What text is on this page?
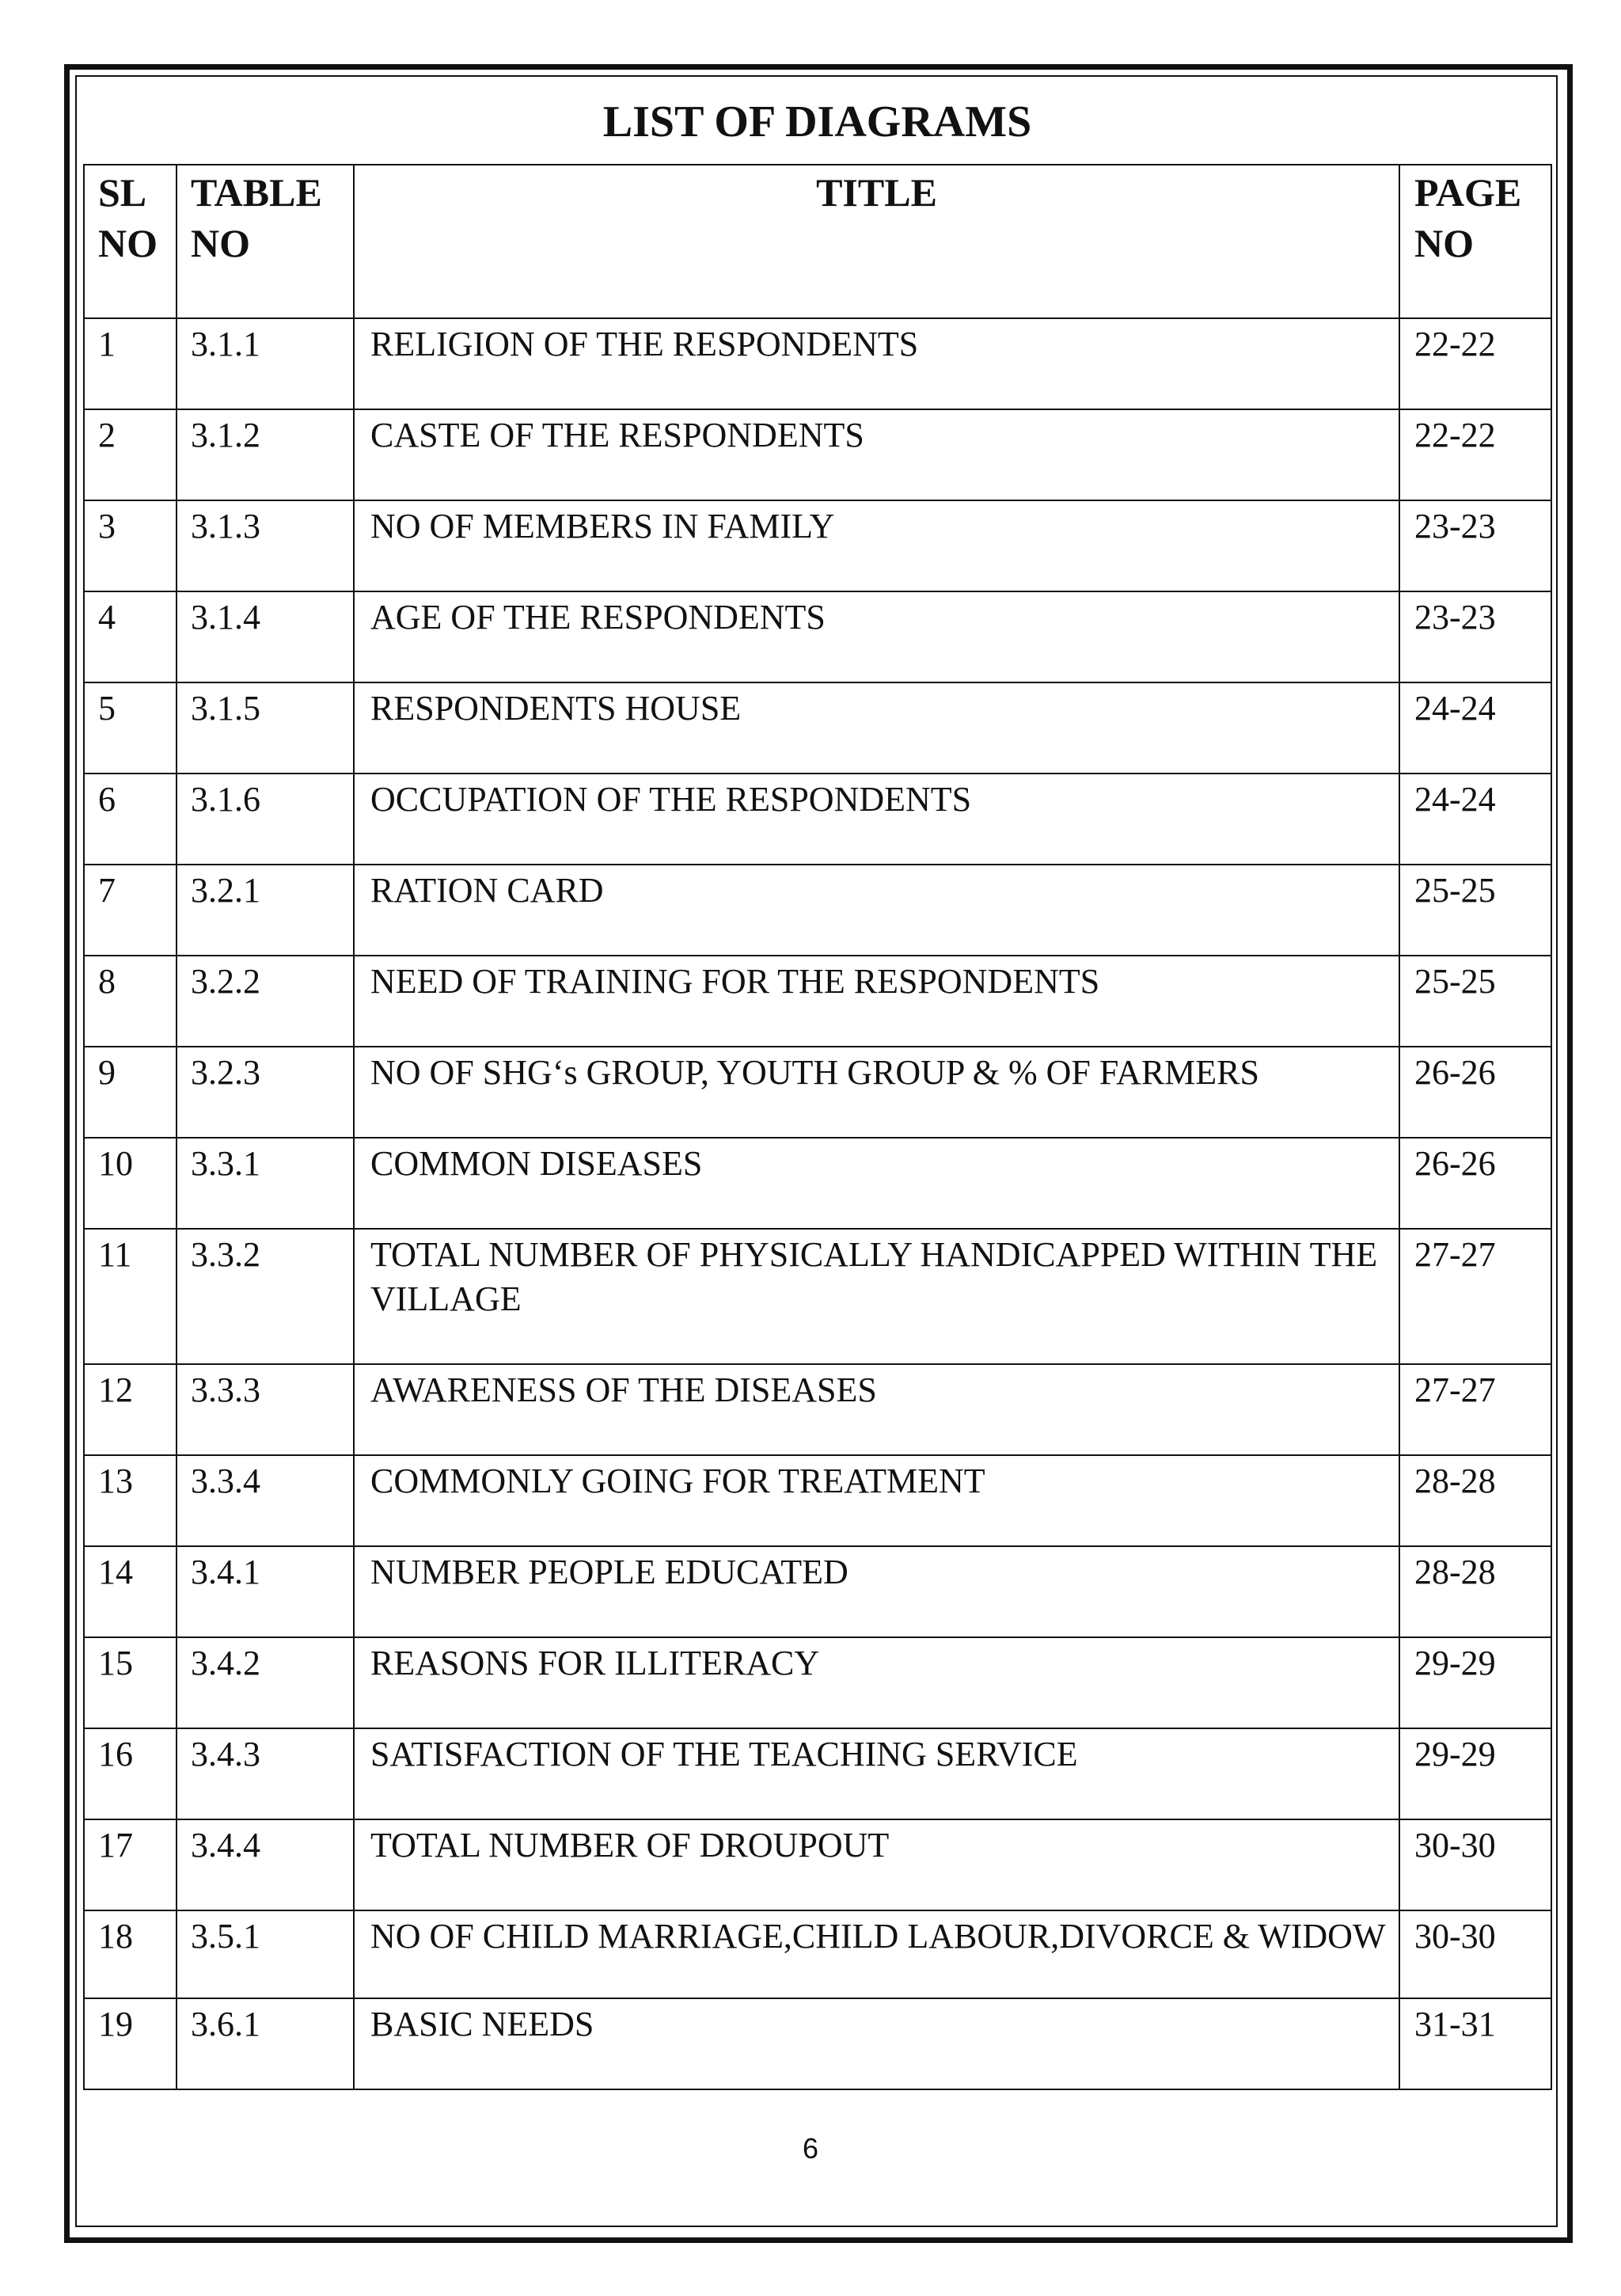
LIST OF DIAGRAMS
SL NO	TABLE NO	TITLE	PAGE NO
1	3.1.1	RELIGION OF THE RESPONDENTS	22-22
2	3.1.2	CASTE OF THE RESPONDENTS	22-22
3	3.1.3	NO OF MEMBERS IN FAMILY	23-23
4	3.1.4	AGE OF THE RESPONDENTS	23-23
5	3.1.5	RESPONDENTS HOUSE	24-24
6	3.1.6	OCCUPATION OF THE RESPONDENTS	24-24
7	3.2.1	RATION CARD	25-25
8	3.2.2	NEED OF TRAINING FOR THE RESPONDENTS	25-25
9	3.2.3	NO OF SHG‘s GROUP, YOUTH GROUP & % OF FARMERS	26-26
10	3.3.1	COMMON DISEASES	26-26
11	3.3.2	TOTAL NUMBER OF PHYSICALLY HANDICAPPED WITHIN THE VILLAGE	27-27
12	3.3.3	AWARENESS OF THE DISEASES	27-27
13	3.3.4	COMMONLY GOING FOR TREATMENT	28-28
14	3.4.1	NUMBER PEOPLE EDUCATED	28-28
15	3.4.2	REASONS FOR ILLITERACY	29-29
16	3.4.3	SATISFACTION OF THE TEACHING SERVICE	29-29
17	3.4.4	TOTAL NUMBER OF DROUPOUT	30-30
18	3.5.1	NO OF CHILD MARRIAGE,CHILD LABOUR,DIVORCE & WIDOW	30-30
19	3.6.1	BASIC NEEDS	31-31
6
